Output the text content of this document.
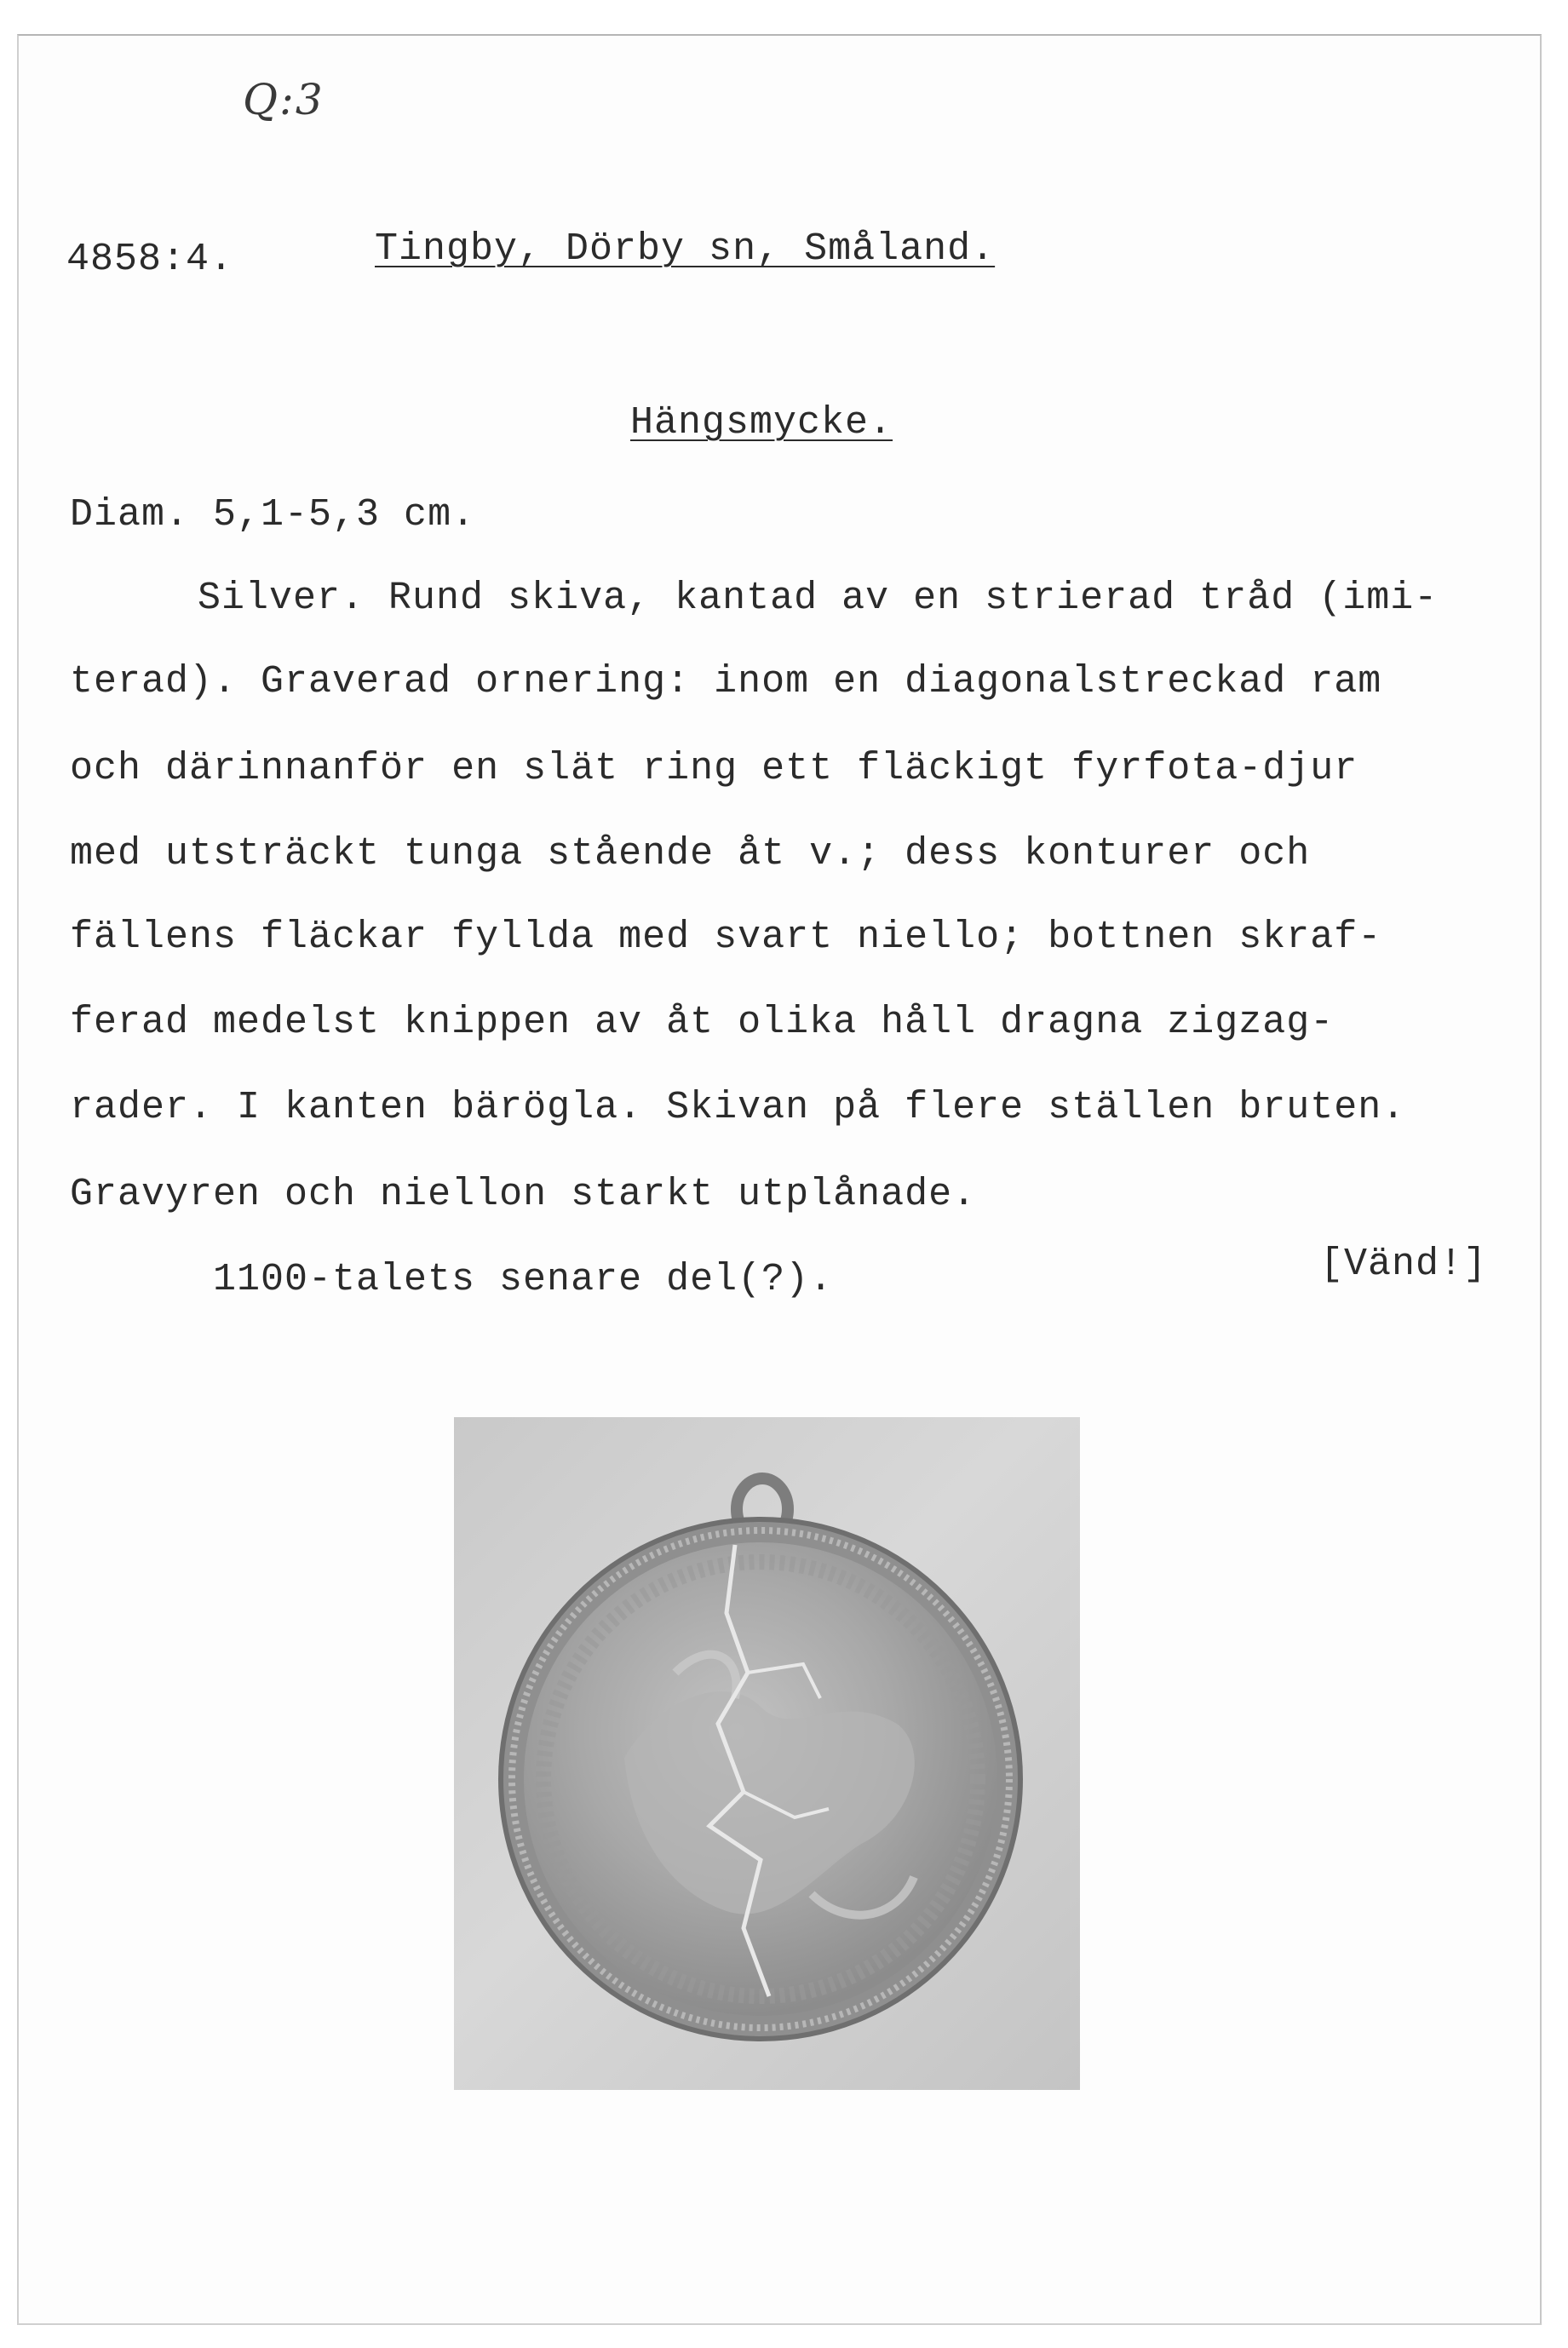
Q:3
4858:4.	Tingby, Dörby sn, Småland.
Hängsmycke.
Diam. 5,1-5,3 cm.
Silver. Rund skiva, kantad av en strierad tråd (imi-
terad). Graverad ornering: inom en diagonalstreckad ram
och därinnanför en slät ring ett fläckigt fyrfota-djur
med utsträckt tunga stående åt v.; dess konturer och
fällens fläckar fyllda med svart niello; bottnen skraf-
ferad medelst knippen av åt olika håll dragna zigzag-
rader. I kanten bärögla. Skivan på flere ställen bruten.
Gravyren och niellon starkt utplånade.
1100-talets senare del(?).	[Vänd!]
